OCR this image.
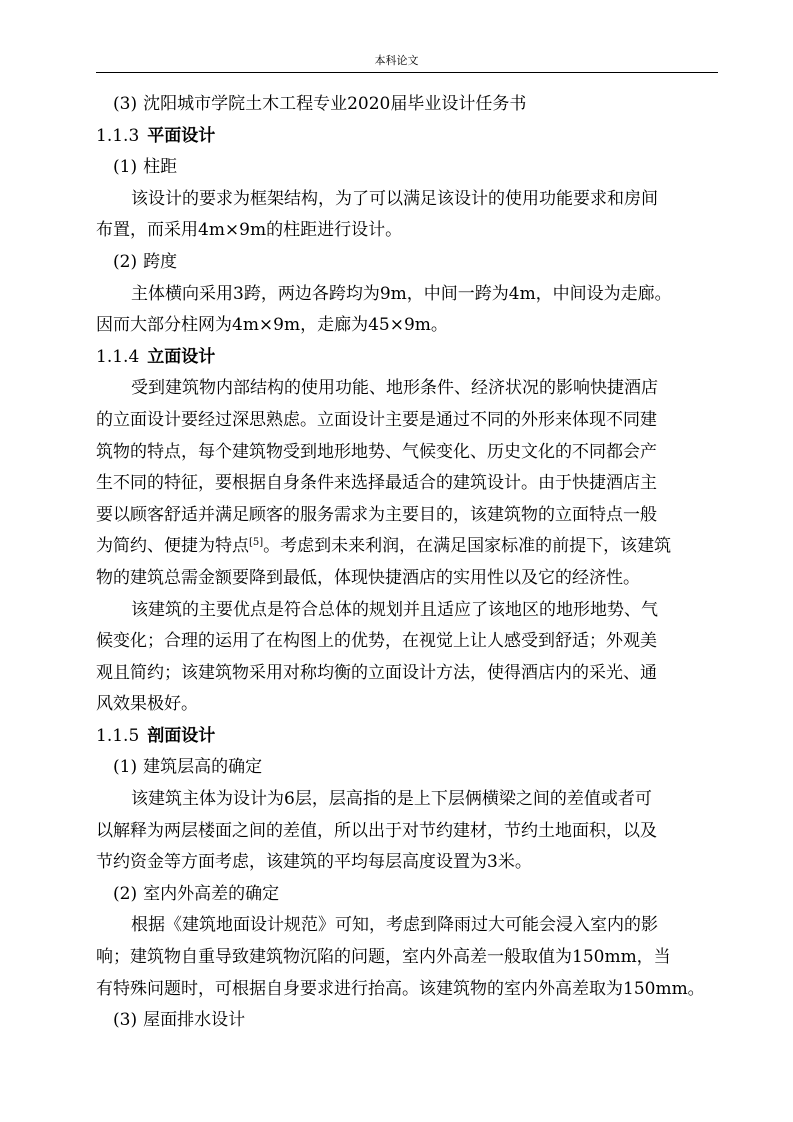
本科论文
(3) 沈阳城市学院土木工程专业2020届毕业设计任务书
1.1.3 平面设计
(1) 柱距
该设计的要求为框架结构，为了可以满足该设计的使用功能要求和房间
布置，而采用4m×9m的柱距进行设计。
(2) 跨度
主体横向采用3跨，两边各跨均为9m，中间一跨为4m，中间设为走廊。
因而大部分柱网为4m×9m，走廊为45×9m。
1.1.4 立面设计
受到建筑物内部结构的使用功能、地形条件、经济状况的影响快捷酒店
的立面设计要经过深思熟虑。立面设计主要是通过不同的外形来体现不同建
筑物的特点，每个建筑物受到地形地势、气候变化、历史文化的不同都会产
生不同的特征，要根据自身条件来选择最适合的建筑设计。由于快捷酒店主
要以顾客舒适并满足顾客的服务需求为主要目的，该建筑物的立面特点一般
为简约、便捷为特点[5]。考虑到未来利润，在满足国家标准的前提下，该建筑
物的建筑总需金额要降到最低，体现快捷酒店的实用性以及它的经济性。
该建筑的主要优点是符合总体的规划并且适应了该地区的地形地势、气
候变化；合理的运用了在构图上的优势，在视觉上让人感受到舒适；外观美
观且简约；该建筑物采用对称均衡的立面设计方法，使得酒店内的采光、通
风效果极好。
1.1.5 剖面设计
(1) 建筑层高的确定
该建筑主体为设计为6层，层高指的是上下层俩横梁之间的差值或者可
以解释为两层楼面之间的差值，所以出于对节约建材，节约土地面积，以及
节约资金等方面考虑，该建筑的平均每层高度设置为3米。
(2) 室内外高差的确定
根据《建筑地面设计规范》可知，考虑到降雨过大可能会浸入室内的影
响；建筑物自重导致建筑物沉陷的问题，室内外高差一般取值为150mm，当
有特殊问题时，可根据自身要求进行抬高。该建筑物的室内外高差取为150mm。
(3) 屋面排水设计
